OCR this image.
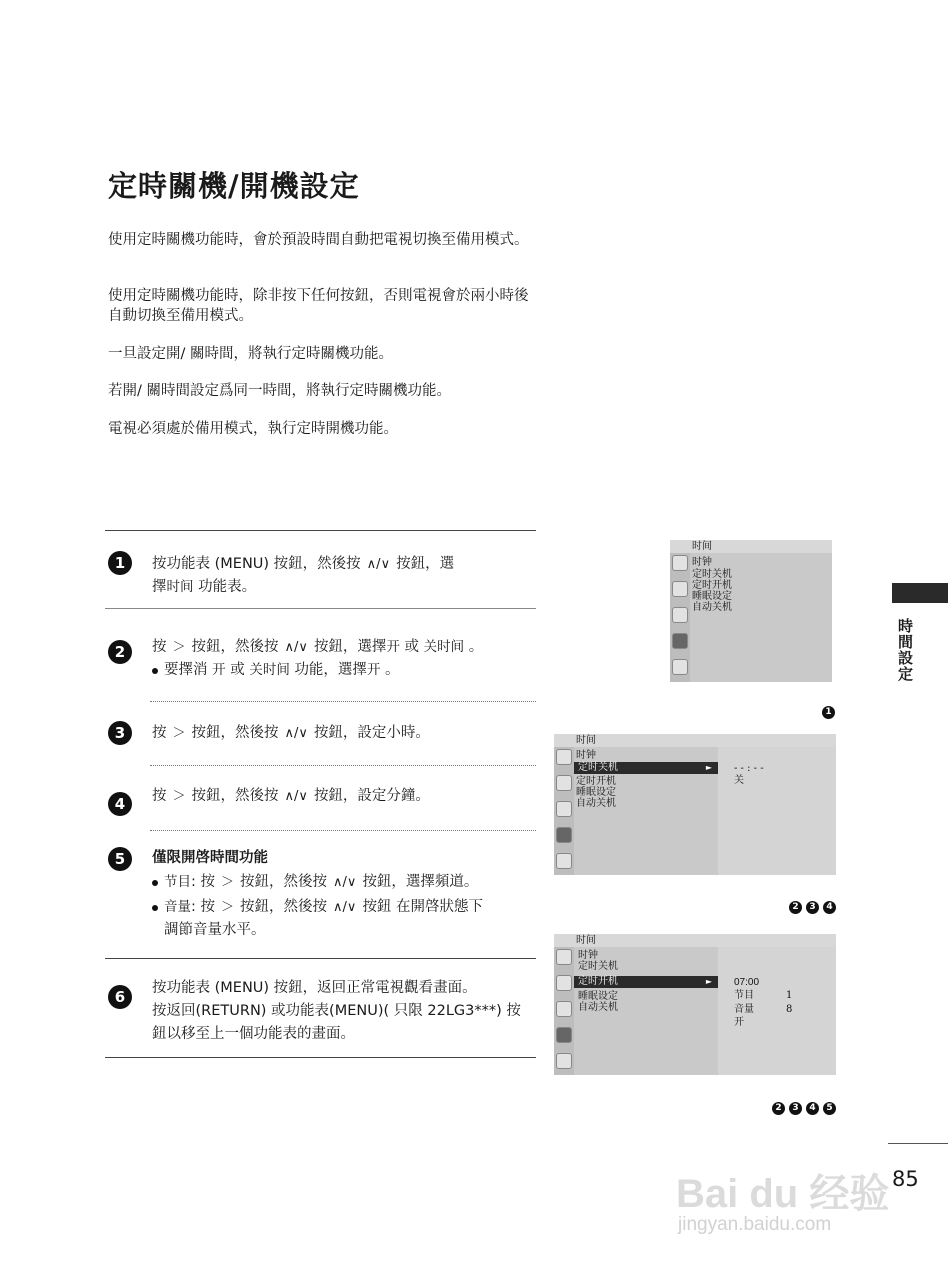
定時關機/開機設定
使用定時關機功能時，會於預設時間自動把電視切換至備用模式。
使用定時關機功能時，除非按下任何按鈕，否則電視會於兩小時後自動切換至備用模式。
一旦設定開/ 關時間，將執行定時關機功能。
若開/ 關時間設定爲同一時間，將執行定時關機功能。
電視必須處於備用模式，執行定時開機功能。
1	按功能表 (MENU) 按鈕，然後按 ∧/∨ 按鈕，選
擇时间 功能表。
2	按 ＞ 按鈕，然後按 ∧/∨ 按鈕，選擇开 或 关时间 。
要擇消 开 或 关时间 功能，選擇开 。
3	按 ＞ 按鈕，然後按 ∧/∨ 按鈕，設定小時。
4	按 ＞ 按鈕，然後按 ∧/∨ 按鈕，設定分鐘。
5	僅限開啓時間功能
节目: 按 ＞ 按鈕，然後按 ∧/∨ 按鈕，選擇頻道。
音量: 按 ＞ 按鈕，然後按 ∧/∨ 按鈕 在開啓狀態下
調節音量水平。
6	按功能表 (MENU) 按鈕，返回正常電視觀看畫面。
按返回(RETURN) 或功能表(MENU)( 只限 22LG3***) 按
鈕以移至上一個功能表的畫面。
时间
时钟
定时关机
定时开机
睡眠设定
自动关机
1
时间
时钟
定时关机	►
定时开机
睡眠设定
自动关机
- - : - -
关
2	3	4
时间
时钟
定时关机
定时开机	►
睡眠设定
自动关机
07:00
节目	1
音量	8
开
2	3	4	5
時間設定
Bai du 经验
jingyan.baidu.com
85
